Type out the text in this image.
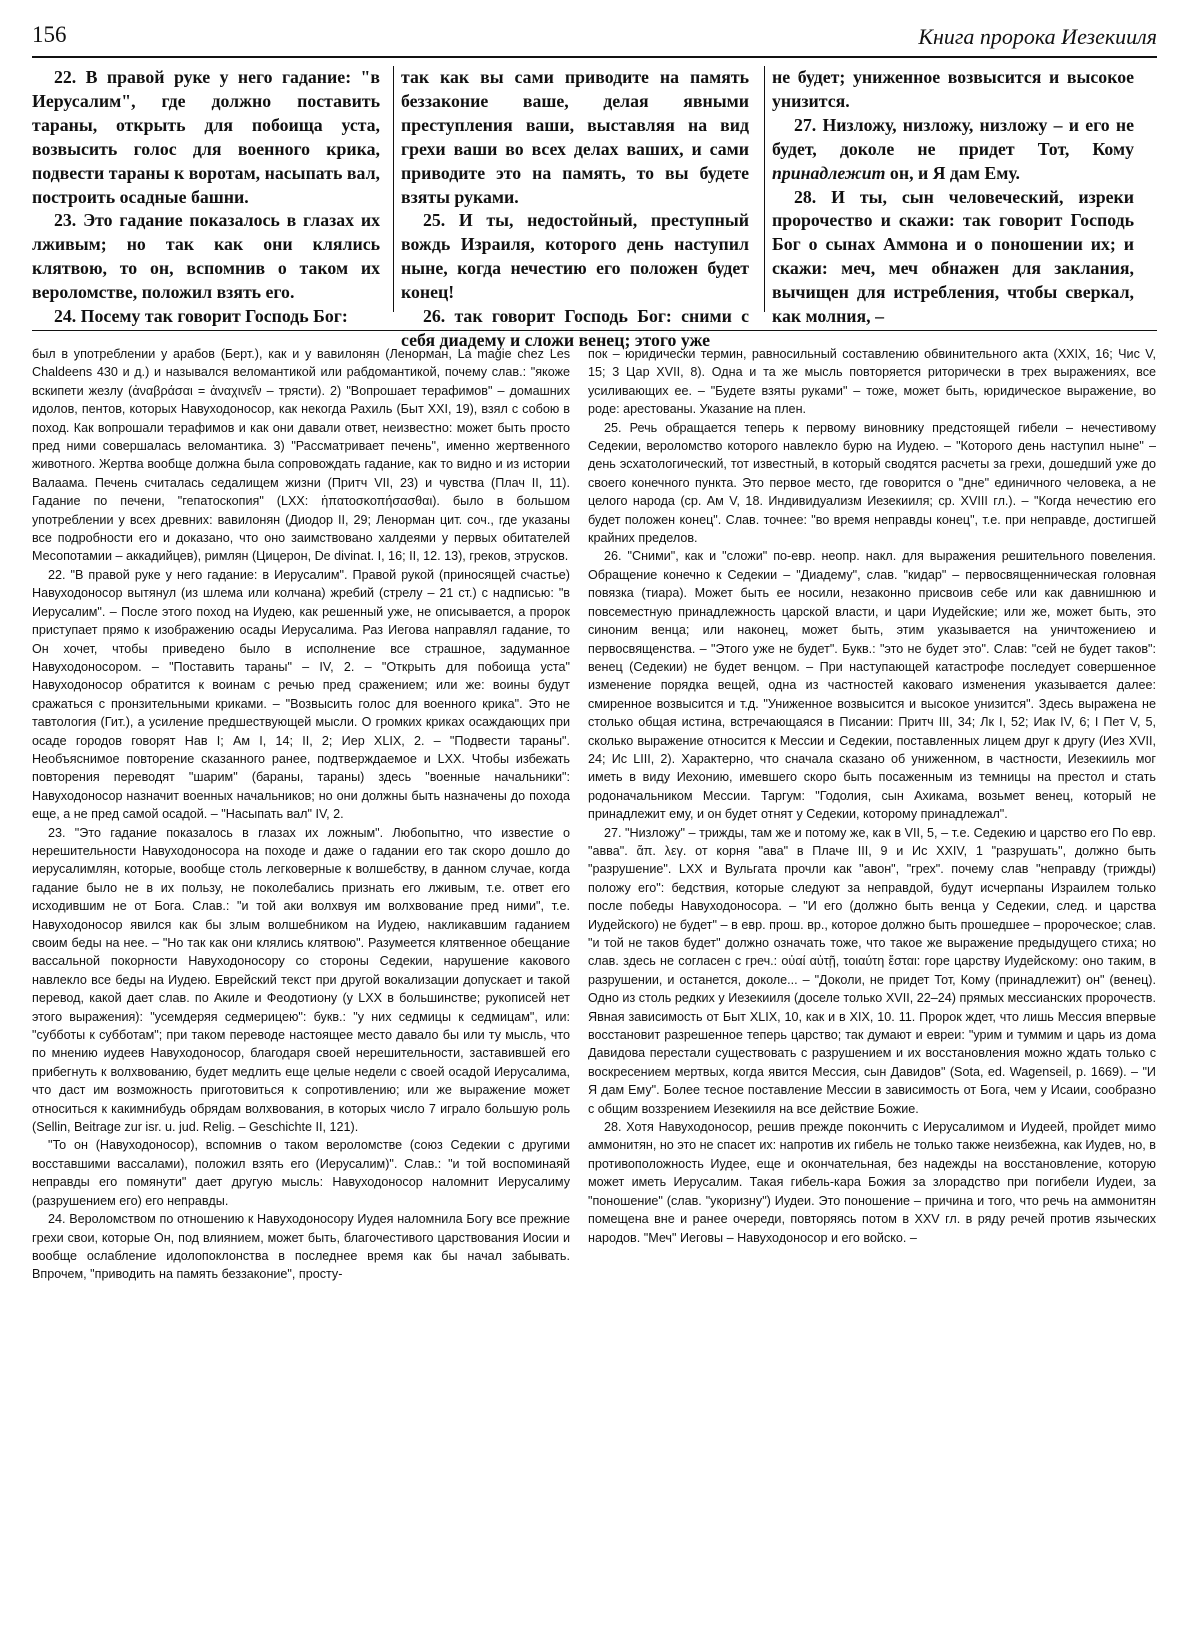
156	Книга пророка Иезекииля

22. В правой руке у него гадание: "в Иерусалим", где должно поставить тараны, открыть для побоища уста, возвысить голос для военного крика, подвести тараны к воротам, насыпать вал, построить осадные башни.

23. Это гадание показалось в глазах их лживым; но так как они клялись клятвою, то он, вспомнив о таком их вероломстве, положил взять его.

24. Посему так говорит Господь Бог:

так как вы сами приводите на память беззаконие ваше, делая явными преступления ваши, выставляя на вид грехи ваши во всех делах ваших, и сами приводите это на память, то вы будете взяты руками.

25. И ты, недостойный, преступный вождь Израиля, которого день наступил ныне, когда нечестию его положен будет конец!

26. так говорит Господь Бог: сними с себя диадему и сложи венец; этого уже

не будет; униженное возвысится и высокое унизится.

27. Низложу, низложу, низложу – и его не будет, доколе не придет Тот, Кому принадлежит он, и Я дам Ему.

28. И ты, сын человеческий, изреки пророчество и скажи: так говорит Господь Бог о сынах Аммона и о поношении их; и скажи: меч, меч обнажен для заклания, вычищен для истребления, чтобы сверкал, как молния, –

был в употреблении у арабов (Берт.), как и у вавилонян (Ленорман, La magie chez Les Chaldeens 430 и д.) и назывался веломантикой или рабдомантикой, почему слав.: "якоже вскипети жезлу (ἀναβράσαι = ἀναχινεῖν – трясти). 2) "Вопрошает терафимов" – домашних идолов, пентов, которых Навуходоносор, как некогда Рахиль (Быт XXI, 19), взял с собою в поход. Как вопрошали терафимов и как они давали ответ, неизвестно: может быть просто пред ними совершалась веломантика. 3) "Рассматривает печень", именно жертвенного животного. Жертва вообще должна была сопровождать гадание, как то видно и из истории Валаама. Печень считалась седалищем жизни (Притч VII, 23) и чувства (Плач II, 11). Гадание по печени, "гепатоскопия" (LXX: ἡπατοσκοπήσασθαι). было в большом употреблении у всех древних: вавилонян (Диодор II, 29; Ленорман цит. соч., где указаны все подробности его и доказано, что оно заимствовано халдеями у первых обитателей Месопотамии – аккадийцев), римлян (Цицерон, De divinat. I, 16; II, 12. 13), греков, этрусков.

22. "В правой руке у него гадание: в Иерусалим". Правой рукой (приносящей счастье) Навуходоносор вытянул (из шлема или колчана) жребий (стрелу – 21 ст.) с надписью: "в Иерусалим". – После этого поход на Иудею, как решенный уже, не описывается, а пророк приступает прямо к изображению осады Иерусалима. Раз Иегова направлял гадание, то Он хочет, чтобы приведено было в исполнение все страшное, задуманное Навуходоносором. – "Поставить тараны" – IV, 2. – "Открыть для побоища уста" Навуходоносор обратится к воинам с речью пред сражением; или же: воины будут сражаться с пронзительными криками. – "Возвысить голос для военного крика". Это не тавтология (Гит.), а усиление предшествующей мысли. О громких криках осаждающих при осаде городов говорят Нав I; Ам I, 14; II, 2; Иер XLIX, 2. – "Подвести тараны". Необъяснимое повторение сказанного ранее, подтверждаемое и LXX. Чтобы избежать повторения переводят "шарим" (бараны, тараны) здесь "военные начальники": Навуходоносор назначит военных начальников; но они должны быть назначены до похода еще, а не пред самой осадой. – "Насыпать вал" IV, 2.

23. "Это гадание показалось в глазах их ложным". Любопытно, что известие о нерешительности Навуходоносора на походе и даже о гадании его так скоро дошло до иерусалимлян, которые, вообще столь легковерные к волшебству, в данном случае, когда гадание было не в их пользу, не поколебались признать его лживым, т.е. ответ его исходившим не от Бога. Слав.: "и той аки волхвуя им волхвование пред ними", т.е. Навуходоносор явился как бы злым волшебником на Иудею, накликавшим гаданием своим беды на нее. – "Но так как они клялись клятвою". Разумеется клятвенное обещание вассальной покорности Навуходоносору со стороны Седекии, нарушение какового навлекло все беды на Иудею. Еврейский текст при другой вокализации допускает и такой перевод, какой дает слав. по Акиле и Феодотиону (у LXX в большинстве; рукописей нет этого выражения): "усемдеряя седмерицею": букв.: "у них седмицы к седмицам", или: "субботы к субботам"; при таком переводе настоящее место давало бы или ту мысль, что по мнению иудеев Навуходоносор, благодаря своей нерешительности, заставившей его прибегнуть к волхвованию, будет медлить еще целые недели с своей осадой Иерусалима, что даст им возможность приготовиться к сопротивлению; или же выражение может относиться к какимнибудь обрядам волхвования, в которых число 7 играло большую роль (Sellin, Beitrage zur isr. u. jud. Relig. – Geschichte II, 121).

"То он (Навуходоносор), вспомнив о таком вероломстве (союз Седекии с другими восставшими вассалами), положил взять его (Иерусалим)". Слав.: "и той воспоминаяй неправды его помянути" дает другую мысль: Навуходоносор наломнит Иерусалиму (разрушением его) его неправды.

24. Вероломством по отношению к Навуходоносору Иудея наломнила Богу все прежние грехи свои, которые Он, под влиянием, может быть, благочестивого царствования Иосии и вообще ослабление идолопоклонства в последнее время как бы начал забывать. Впрочем, "приводить на память беззаконие", просту-

пок – юридически термин, равносильный составлению обвинительного акта (XXIX, 16; Чис V, 15; 3 Цар XVII, 8). Одна и та же мысль повторяется риторически в трех выражениях, все усиливающих ее. – "Будете взяты руками" – тоже, может быть, юридическое выражение, во роде: арестованы. Указание на плен.

25. Речь обращается теперь к первому виновнику предстоящей гибели – нечестивому Седекии, вероломство которого навлекло бурю на Иудею. – "Которого день наступил ныне" – день эсхатологический, тот известный, в который сводятся расчеты за грехи, дошедший уже до своего конечного пункта. Это первое место, где говорится о "дне" единичного человека, а не целого народа (ср. Ам V, 18. Индивидуализм Иезекииля; ср. XVIII гл.). – "Когда нечестию его будет положен конец". Слав. точнее: "во время неправды конец", т.е. при неправде, достигшей крайних пределов.

26. "Сними", как и "сложи" по-евр. неопр. накл. для выражения решительного повеления. Обращение конечно к Седекии – "Диадему", слав. "кидар" – первосвященническая головная повязка (тиара). Может быть ее носили, незаконно присвоив себе или как давнишнюю и повсеместную принадлежность царской власти, и цари Иудейские; или же, может быть, это синоним венца; или наконец, может быть, этим указывается на уничтожениею и первосвященства. – "Этого уже не будет". Букв.: "это не будет это". Слав: "сей не будет таков": венец (Седекии) не будет венцом. – При наступающей катастрофе последует совершенное изменение порядка вещей, одна из частностей каковаго изменения указывается далее: смиренное возвысится и т.д. "Униженное возвысится и высокое унизится". Здесь выражена не столько общая истина, встречающаяся в Писании: Притч III, 34; Лк I, 52; Иак IV, 6; I Пет V, 5, сколько выражение относится к Мессии и Седекии, поставленных лицем друг к другу (Иез XVII, 24; Ис LIII, 2). Характерно, что сначала сказано об униженном, в частности, Иезекииль мог иметь в виду Иехонию, имевшего скоро быть посаженным из темницы на престол и стать родоначальником Мессии. Таргум: "Годолия, сын Ахикама, возьмет венец, который не принадлежит ему, и он будет отнят у Седекии, которому принадлежал".

27. "Низложу" – трижды, там же и потому же, как в VII, 5, – т.е. Седекию и царство его По евр. "авва". ἅπ. λεγ. от корня "ава" в Плаче III, 9 и Ис XXIV, 1 "разрушать", должно быть "разрушение". LXX и Вульгата прочли как "авон", "грех". почему слав "неправду (трижды) положу его": бедствия, которые следуют за неправдой, будут исчерпаны Израилем только после победы Навуходоносора. – "И его (должно быть венца у Седекии, след. и царства Иудейского) не будет" – в евр. прош. вр., которое должно быть прошедшее – пророческое; слав. "и той не таков будет" должно означать тоже, что такое же выражение предыдущего стиха; но слав. здесь не согласен с греч.: οὐαί αὐτῇ, τοιαύτη ἔσται: горе царству Иудейскому: оно таким, в разрушении, и останется, доколе... – "Доколи, не придет Тот, Кому (принадлежит) он" (венец). Одно из столь редких у Иезекииля (доселе только XVII, 22–24) прямых мессианских пророчеств. Явная зависимость от Быт XLIX, 10, как и в XIX, 10. 11. Пророк ждет, что лишь Мессия впервые восстановит разрешенное теперь царство; так думают и евреи: "урим и туммим и царь из дома Давидова перестали существовать с разрушением и их восстановления можно ждать только с воскресением мертвых, когда явится Мессия, сын Давидов" (Sota, ed. Wagenseil, p. 1669). – "И Я дам Ему". Более тесное поставление Мессии в зависимость от Бога, чем у Исаии, сообразно с общим воззрением Иезекииля на все действие Божие.

28. Хотя Навуходоносор, решив прежде покончить с Иерусалимом и Иудеей, пройдет мимо аммонитян, но это не спасет их: напротив их гибель не только также неизбежна, как Иудев, но, в противоположность Иудее, еще и окончательная, без надежды на восстановление, которую может иметь Иерусалим. Такая гибель-кара Божия за злорадство при погибели Иудеи, за "поношение" (слав. "укоризну") Иудеи. Это поношение – причина и того, что речь на аммонитян помещена вне и ранее очереди, повторяясь потом в XXV гл. в ряду речей против языческих народов. "Меч" Иеговы – Навуходоносор и его войско. –
